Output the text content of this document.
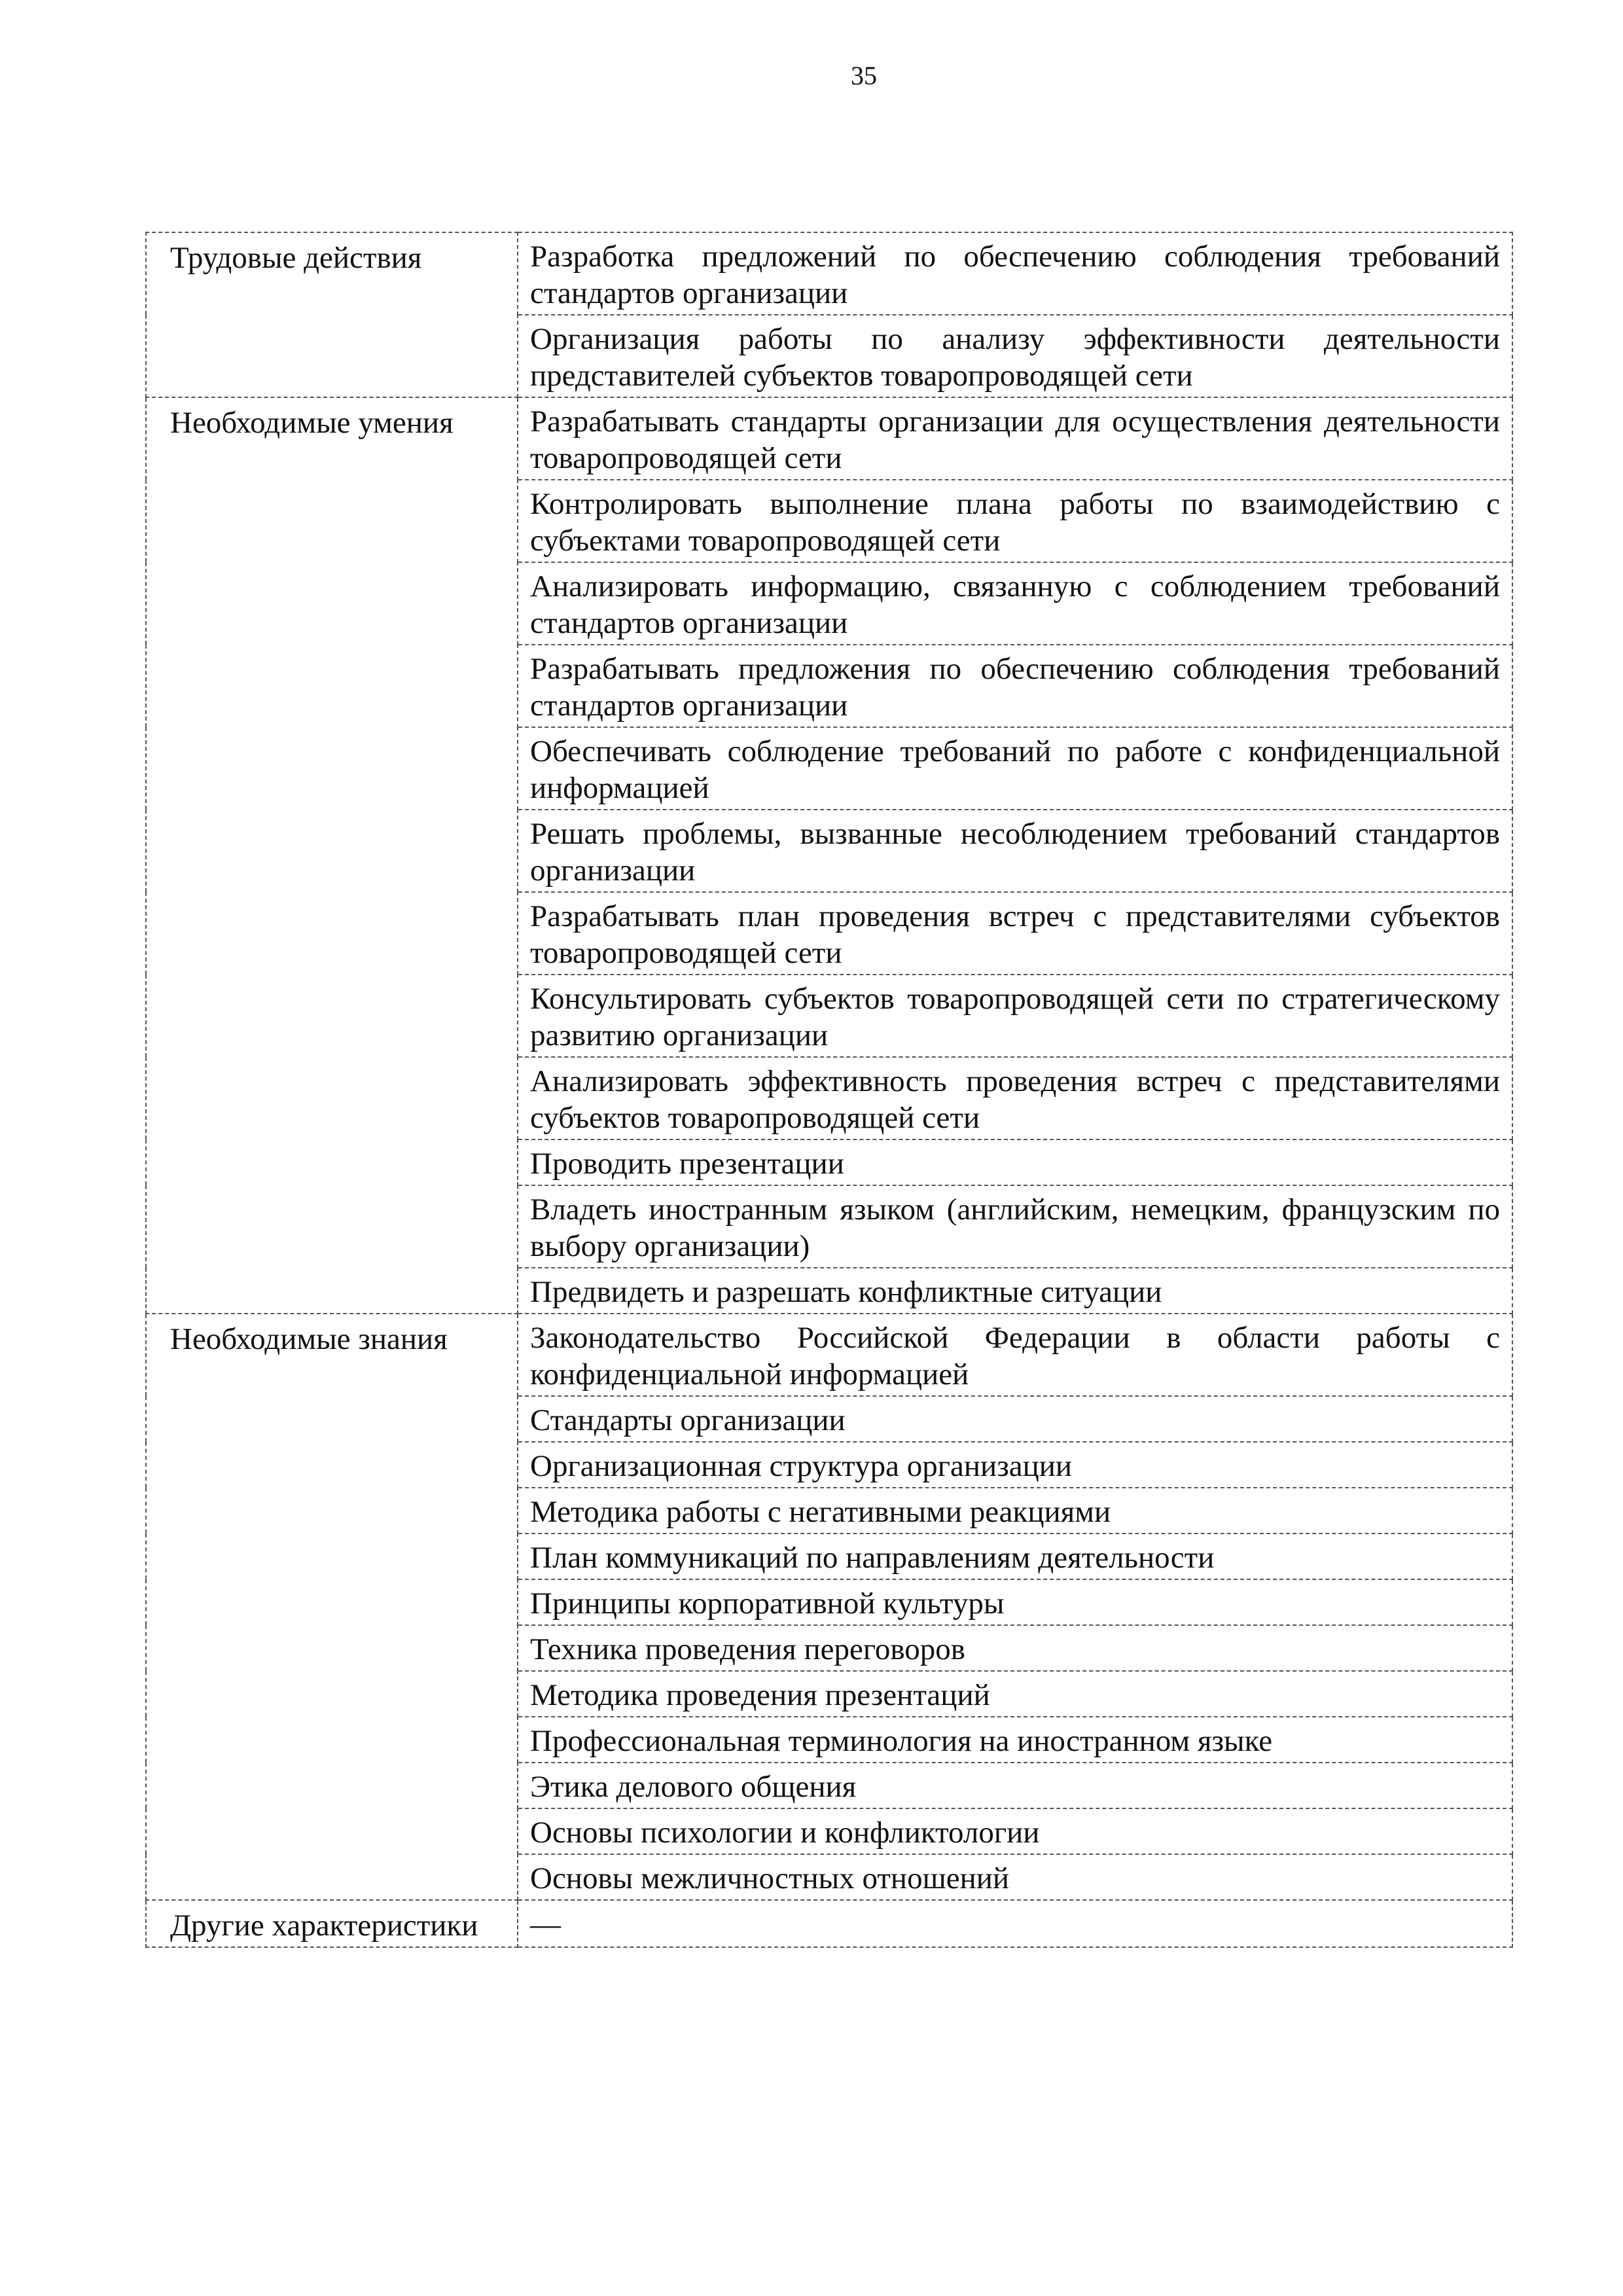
35
Трудовые действия	Разработка предложений по обеспечению соблюдения требований стандартов организации
	Организация работы по анализу эффективности деятельности представителей субъектов товаропроводящей сети
Необходимые умения	Разрабатывать стандарты организации для осуществления деятельности товаропроводящей сети
	Контролировать выполнение плана работы по взаимодействию с субъектами товаропроводящей сети
	Анализировать информацию, связанную с соблюдением требований стандартов организации
	Разрабатывать предложения по обеспечению соблюдения требований стандартов организации
	Обеспечивать соблюдение требований по работе с конфиденциальной информацией
	Решать проблемы, вызванные несоблюдением требований стандартов организации
	Разрабатывать план проведения встреч с представителями субъектов товаропроводящей сети
	Консультировать субъектов товаропроводящей сети по стратегическому развитию организации
	Анализировать эффективность проведения встреч с представителями субъектов товаропроводящей сети
	Проводить презентации
	Владеть иностранным языком (английским, немецким, французским по выбору организации)
	Предвидеть и разрешать конфликтные ситуации
Необходимые знания	Законодательство Российской Федерации в области работы с конфиденциальной информацией
	Стандарты организации
	Организационная структура организации
	Методика работы с негативными реакциями
	План коммуникаций по направлениям деятельности
	Принципы корпоративной культуры
	Техника проведения переговоров
	Методика проведения презентаций
	Профессиональная терминология на иностранном языке
	Этика делового общения
	Основы психологии и конфликтологии
	Основы межличностных отношений
Другие характеристики	—
